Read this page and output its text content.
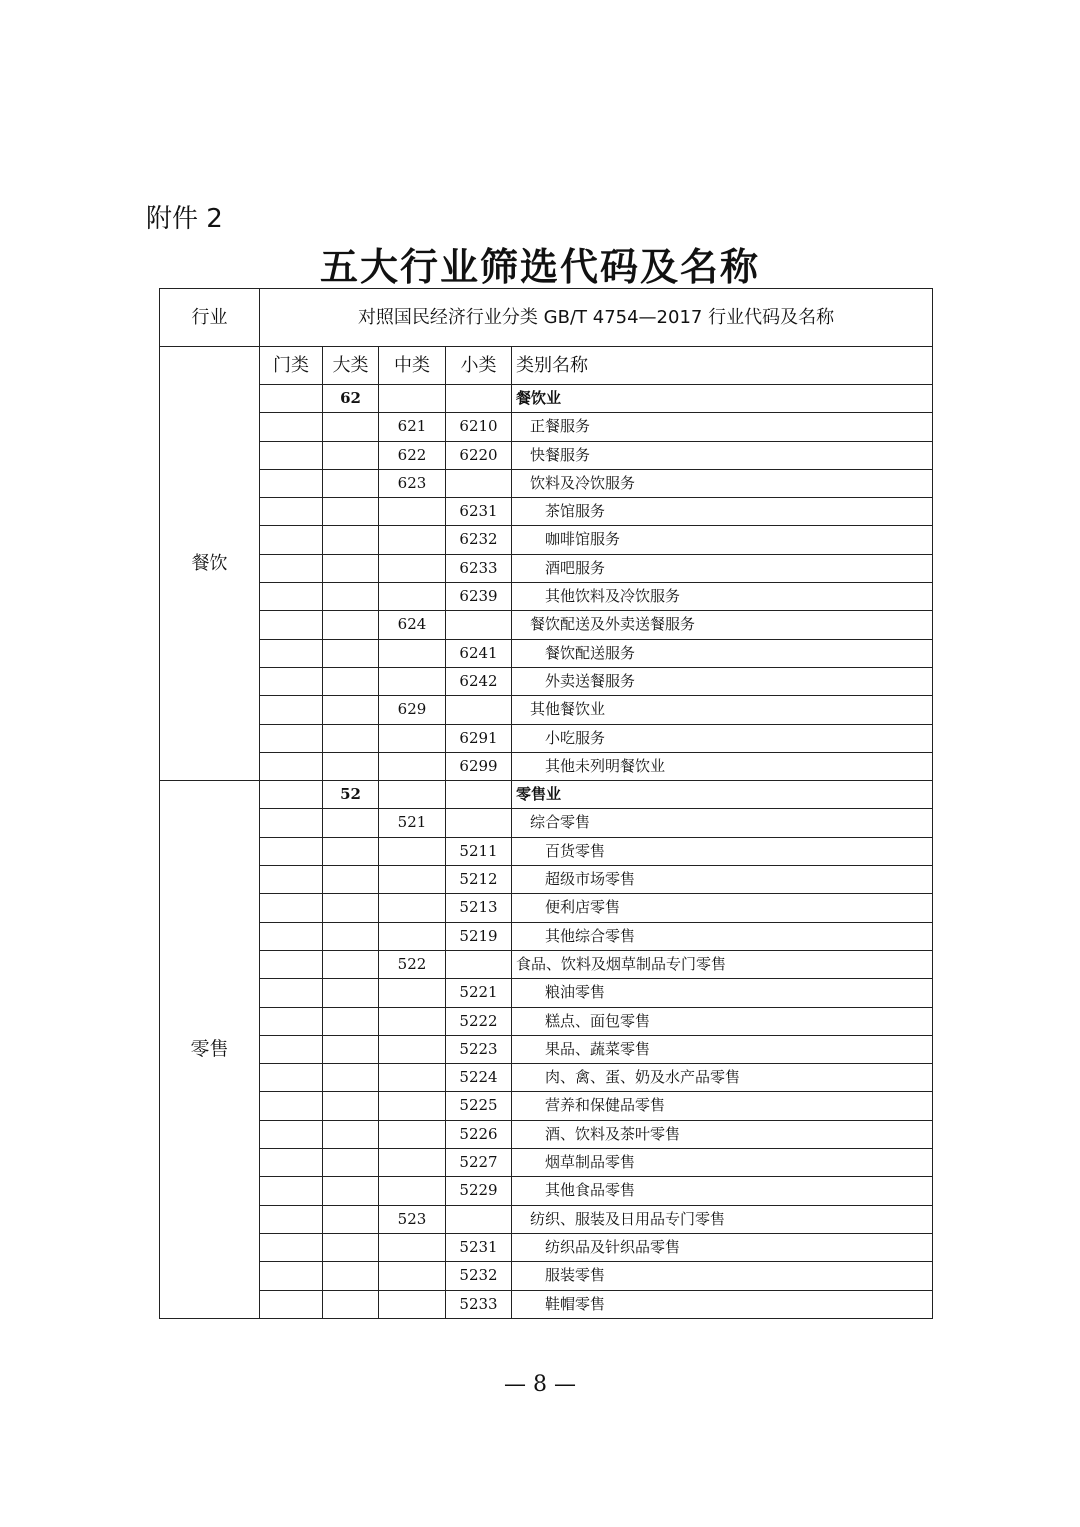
附件 2
五大行业筛选代码及名称
行业	对照国民经济行业分类 GB/T 4754—2017 行业代码及名称				
餐饮	门类	大类	中类	小类	类别名称
		62			餐饮业
			621	6210	正餐服务
			622	6220	快餐服务
			623		饮料及冷饮服务
				6231	茶馆服务
				6232	咖啡馆服务
				6233	酒吧服务
				6239	其他饮料及冷饮服务
			624		餐饮配送及外卖送餐服务
				6241	餐饮配送服务
				6242	外卖送餐服务
			629		其他餐饮业
				6291	小吃服务
				6299	其他未列明餐饮业
零售		52			零售业
			521		综合零售
				5211	百货零售
				5212	超级市场零售
				5213	便利店零售
				5219	其他综合零售
			522		食品、饮料及烟草制品专门零售
				5221	粮油零售
				5222	糕点、面包零售
				5223	果品、蔬菜零售
				5224	肉、禽、蛋、奶及水产品零售
				5225	营养和保健品零售
				5226	酒、饮料及茶叶零售
				5227	烟草制品零售
				5229	其他食品零售
			523		纺织、服装及日用品专门零售
				5231	纺织品及针织品零售
				5232	服装零售
				5233	鞋帽零售
— 8 —
